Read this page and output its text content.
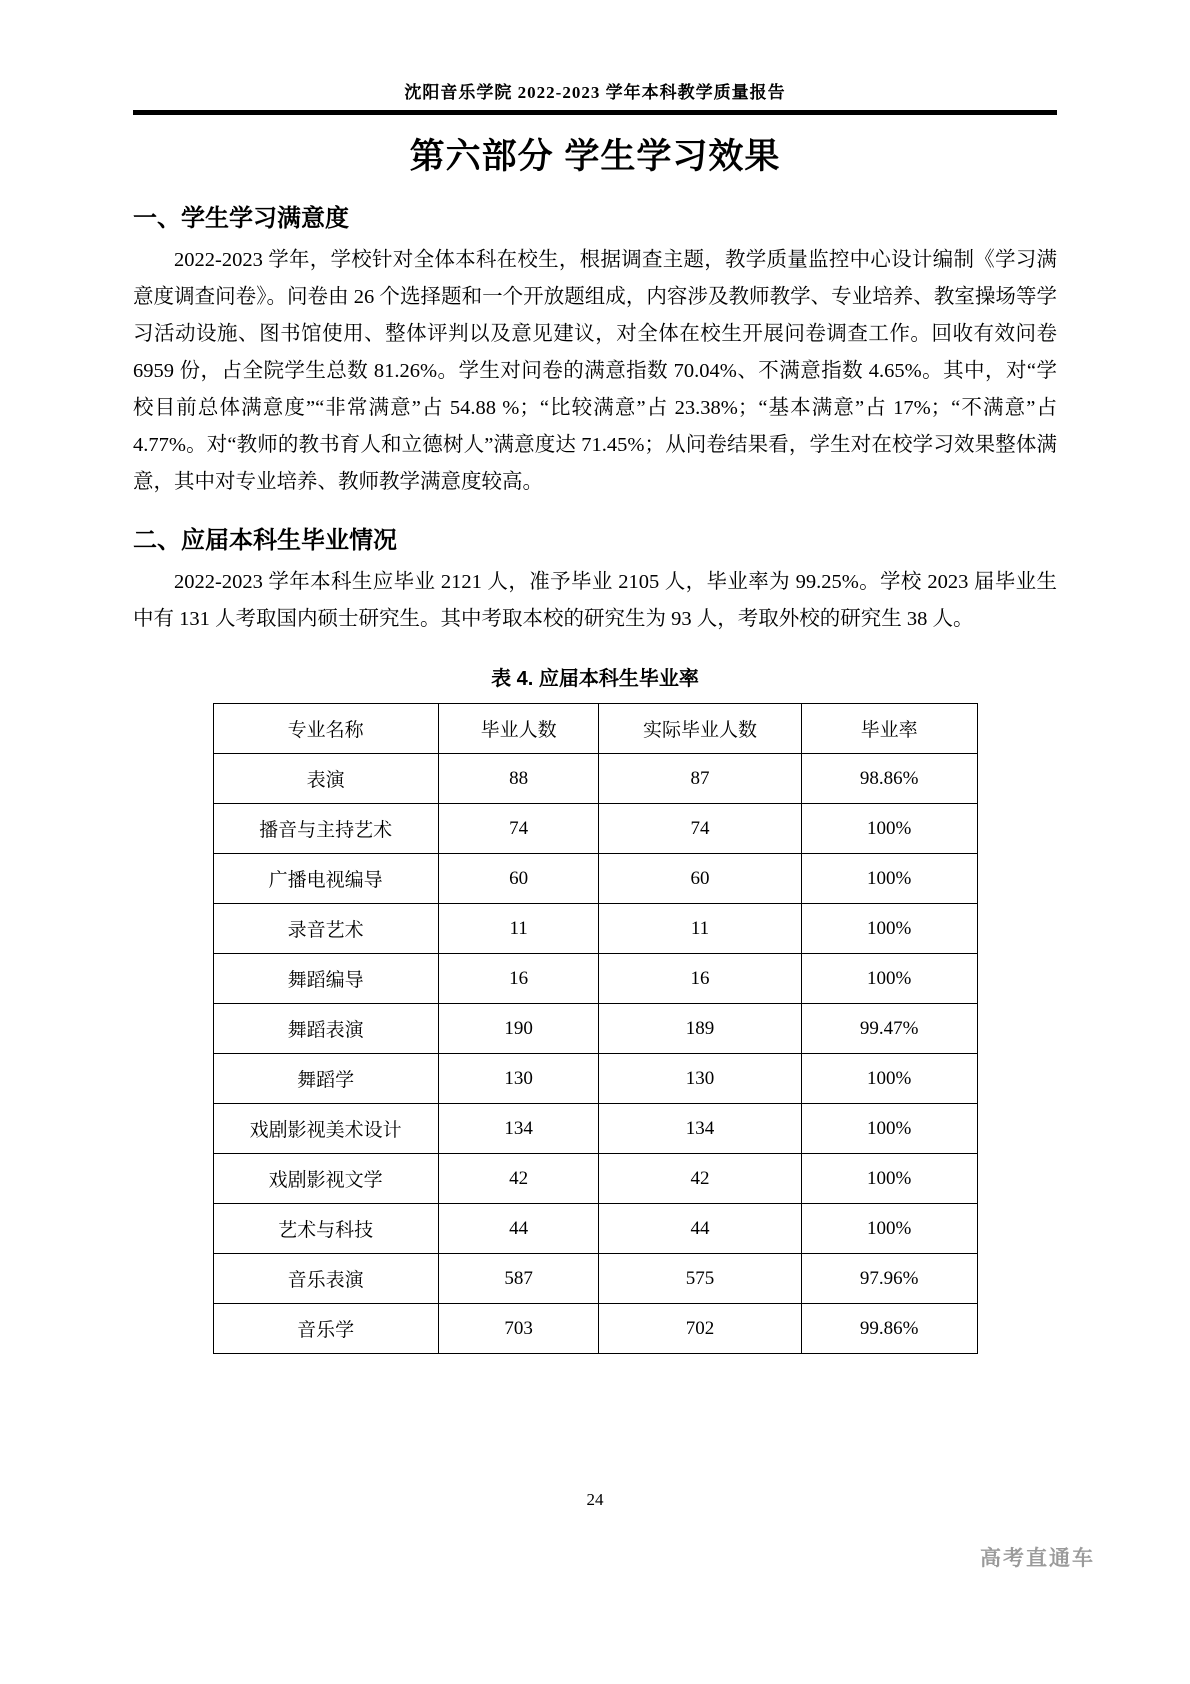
沈阳音乐学院 2022-2023 学年本科教学质量报告
第六部分 学生学习效果
一、学生学习满意度

2022-2023 学年，学校针对全体本科在校生，根据调查主题，教学质量监控中心设计编制《学习满意度调查问卷》。问卷由 26 个选择题和一个开放题组成，内容涉及教师教学、专业培养、教室操场等学习活动设施、图书馆使用、整体评判以及意见建议，对全体在校生开展问卷调查工作。回收有效问卷 6959 份，占全院学生总数 81.26%。学生对问卷的满意指数 70.04%、不满意指数 4.65%。其中，对“学校目前总体满意度”“非常满意”占 54.88 %；“比较满意”占 23.38%；“基本满意”占 17%；“不满意”占 4.77%。对“教师的教书育人和立德树人”满意度达 71.45%；从问卷结果看，学生对在校学习效果整体满意，其中对专业培养、教师教学满意度较高。

二、应届本科生毕业情况

2022-2023 学年本科生应毕业 2121 人，准予毕业 2105 人，毕业率为 99.25%。学校 2023 届毕业生中有 131 人考取国内硕士研究生。其中考取本校的研究生为 93 人，考取外校的研究生 38 人。

表 4. 应届本科生毕业率
专业名称	毕业人数	实际毕业人数	毕业率
表演	88	87	98.86%
播音与主持艺术	74	74	100%
广播电视编导	60	60	100%
录音艺术	11	11	100%
舞蹈编导	16	16	100%
舞蹈表演	190	189	99.47%
舞蹈学	130	130	100%
戏剧影视美术设计	134	134	100%
戏剧影视文学	42	42	100%
艺术与科技	44	44	100%
音乐表演	587	575	97.96%
音乐学	703	702	99.86%
24
高考直通车
